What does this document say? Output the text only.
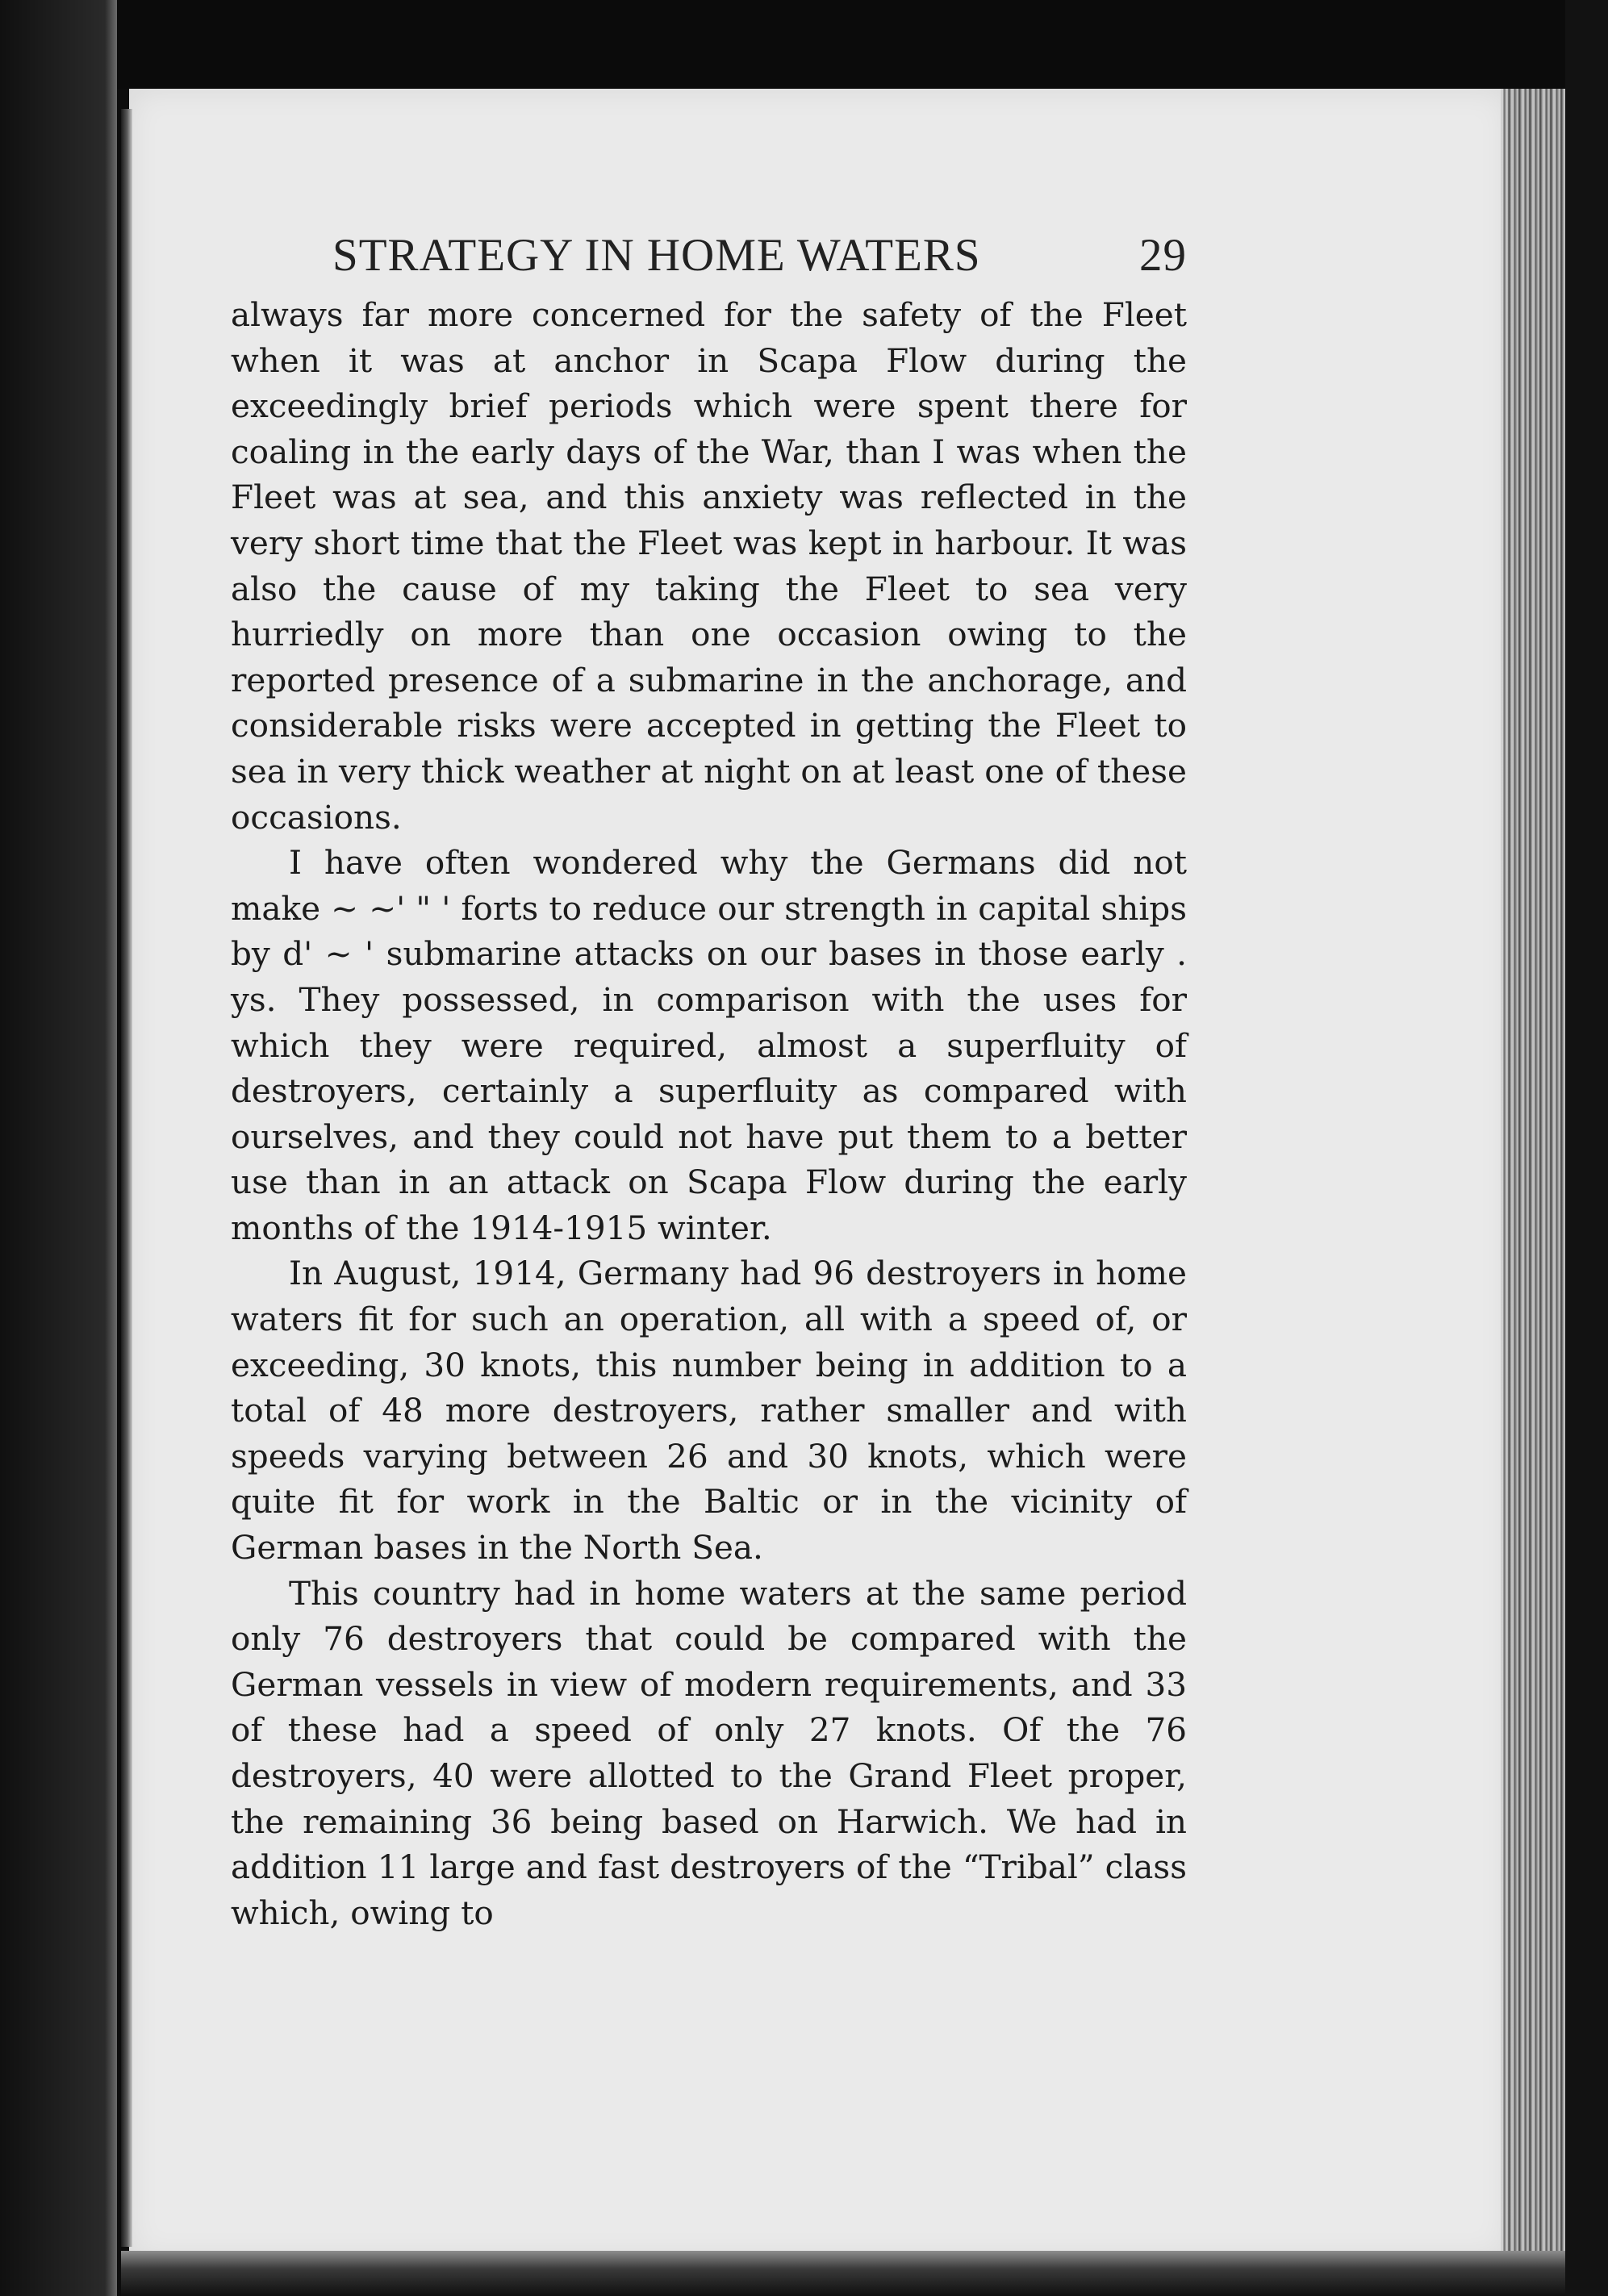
STRATEGY IN HOME WATERS	29

always far more concerned for the safety of the Fleet when it was at anchor in Scapa Flow during the exceedingly brief periods which were spent there for coaling in the early days of the War, than I was when the Fleet was at sea, and this anxiety was reflected in the very short time that the Fleet was kept in harbour. It was also the cause of my taking the Fleet to sea very hurriedly on more than one occasion owing to the reported presence of a submarine in the anchorage, and considerable risks were accepted in getting the Fleet to sea in very thick weather at night on at least one of these occasions.

I have often wondered why the Germans did not make ~ ~' " ' forts to reduce our strength in capital ships by d' ~ ' submarine attacks on our bases in those early . ys. They possessed, in comparison with the uses for which they were required, almost a superfluity of destroyers, certainly a superfluity as compared with ourselves, and they could not have put them to a better use than in an attack on Scapa Flow during the early months of the 1914-1915 winter.

In August, 1914, Germany had 96 destroyers in home waters fit for such an operation, all with a speed of, or exceeding, 30 knots, this number being in addition to a total of 48 more destroyers, rather smaller and with speeds varying between 26 and 30 knots, which were quite fit for work in the Baltic or in the vicinity of German bases in the North Sea.

This country had in home waters at the same period only 76 destroyers that could be compared with the German vessels in view of modern requirements, and 33 of these had a speed of only 27 knots. Of the 76 destroyers, 40 were allotted to the Grand Fleet proper, the remaining 36 being based on Harwich. We had in addition 11 large and fast destroyers of the “Tribal” class which, owing to
